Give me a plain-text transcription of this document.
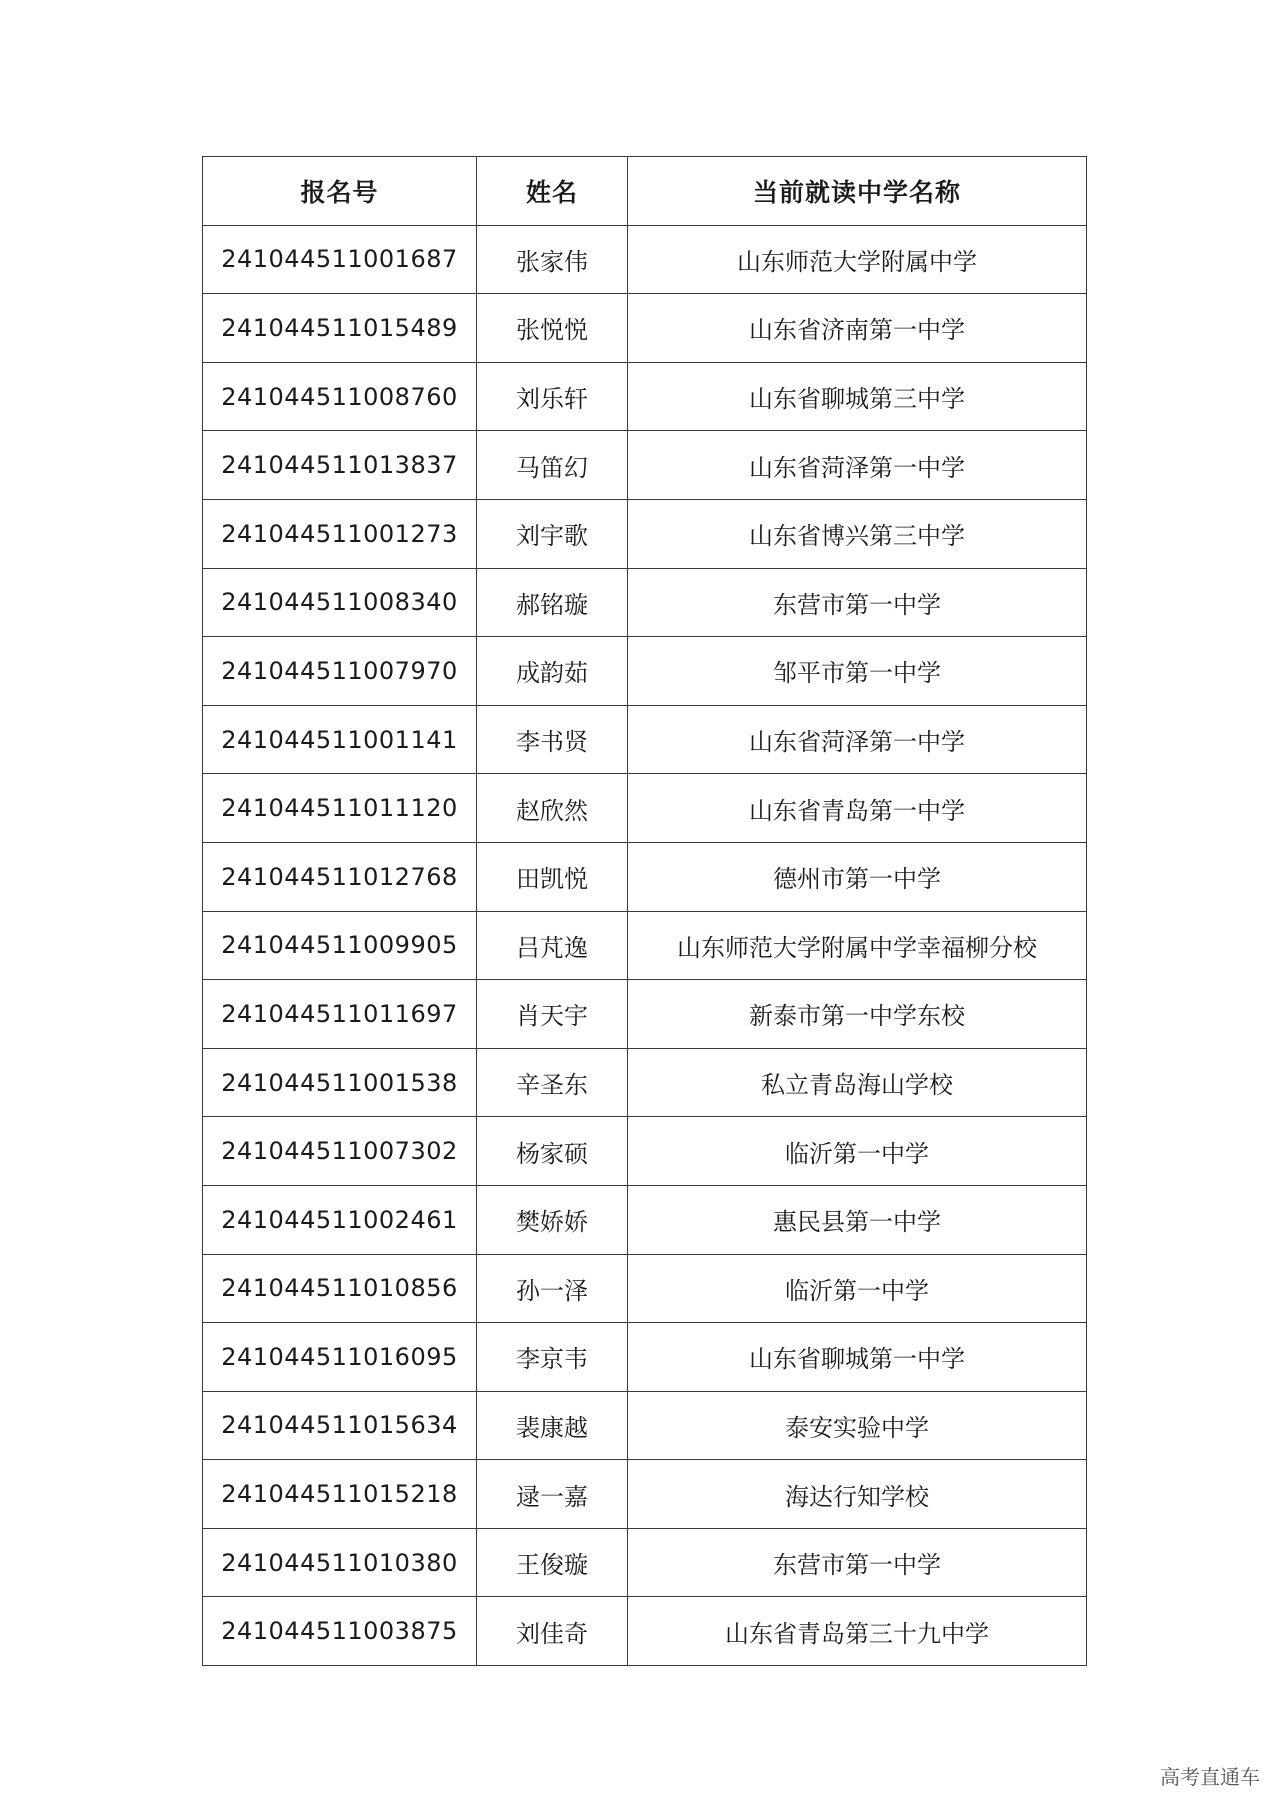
报名号	姓名	当前就读中学名称
241044511001687	张家伟	山东师范大学附属中学
241044511015489	张悦悦	山东省济南第一中学
241044511008760	刘乐轩	山东省聊城第三中学
241044511013837	马笛幻	山东省菏泽第一中学
241044511001273	刘宇歌	山东省博兴第三中学
241044511008340	郝铭璇	东营市第一中学
241044511007970	成韵茹	邹平市第一中学
241044511001141	李书贤	山东省菏泽第一中学
241044511011120	赵欣然	山东省青岛第一中学
241044511012768	田凯悦	德州市第一中学
241044511009905	吕芃逸	山东师范大学附属中学幸福柳分校
241044511011697	肖天宇	新泰市第一中学东校
241044511001538	辛圣东	私立青岛海山学校
241044511007302	杨家硕	临沂第一中学
241044511002461	樊娇娇	惠民县第一中学
241044511010856	孙一泽	临沂第一中学
241044511016095	李京韦	山东省聊城第一中学
241044511015634	裴康越	泰安实验中学
241044511015218	逯一嘉	海达行知学校
241044511010380	王俊璇	东营市第一中学
241044511003875	刘佳奇	山东省青岛第三十九中学
高考直通车
